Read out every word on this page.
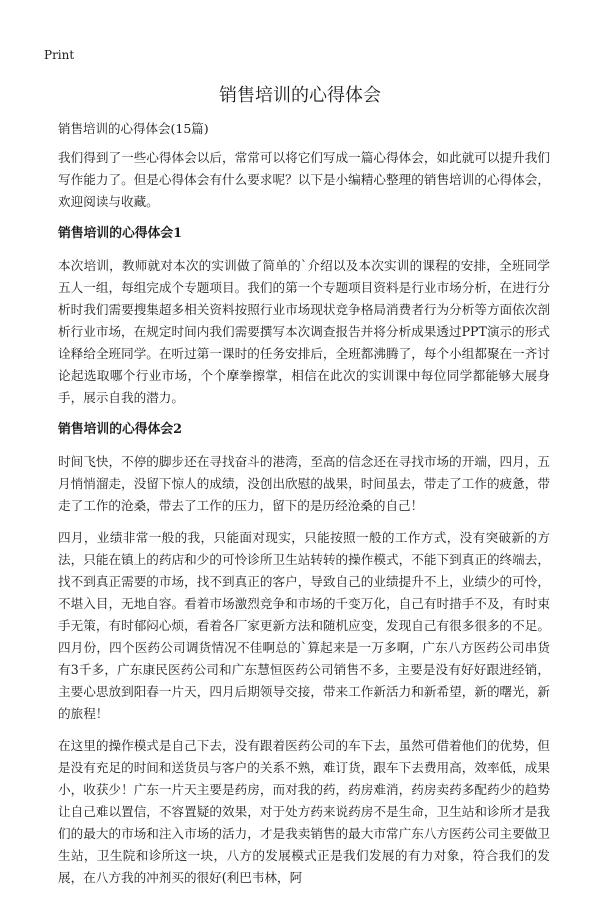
Print
销售培训的心得体会
销售培训的心得体会(15篇)

我们得到了一些心得体会以后，常常可以将它们写成一篇心得体会，如此就可以提升我们写作能力了。但是心得体会有什么要求呢？以下是小编精心整理的销售培训的心得体会，欢迎阅读与收藏。

销售培训的心得体会1

本次培训，教师就对本次的实训做了简单的`介绍以及本次实训的课程的安排，全班同学五人一组，每组完成个专题项目。我们的第一个专题项目资料是行业市场分析，在进行分析时我们需要搜集超多相关资料按照行业市场现状竞争格局消费者行为分析等方面依次剖析行业市场，在规定时间内我们需要撰写本次调查报告并将分析成果透过PPT演示的形式诠释给全班同学。在听过第一课时的任务安排后，全班都沸腾了，每个小组都聚在一齐讨论起选取哪个行业市场，个个摩拳擦掌，相信在此次的实训课中每位同学都能够大展身手，展示自我的潜力。

销售培训的心得体会2

时间飞快，不停的脚步还在寻找奋斗的港湾，至高的信念还在寻找市场的开端，四月，五月悄悄溜走，没留下惊人的成绩，没创出欣慰的战果，时间虽去，带走了工作的疲惫，带走了工作的沧桑，带去了工作的压力，留下的是历经沧桑的自己！

四月，业绩非常一般的我，只能面对现实，只能按照一般的工作方式，没有突破新的方法，只能在镇上的药店和少的可怜诊所卫生站转转的操作模式，不能下到真正的终端去，找不到真正需要的市场，找不到真正的客户，导致自己的业绩提升不上，业绩少的可怜，不堪入目，无地自容。看着市场激烈竞争和市场的千变万化，自己有时措手不及，有时束手无策，有时郁闷心烦，看着各厂家更新方法和随机应变，发现自己有很多很多的不足。四月份，四个医药公司调货情况不佳啊总的`算起来是一万多啊，广东八方医药公司串货有3千多，广东康民医药公司和广东慧恒医药公司销售不多，主要是没有好好跟进经销，主要心思放到阳春一片天，四月后期领导交接，带来工作新活力和新希望，新的曙光，新的旅程！

在这里的操作模式是自己下去，没有跟着医药公司的车下去，虽然可借着他们的优势，但是没有充足的时间和送货员与客户的关系不熟，难订货，跟车下去费用高，效率低，成果小，收获少！广东一片天主要是药房，而对我的药，药房难消，药房卖药多配药少的趋势让自己难以置信，不容置疑的效果，对于处方药来说药房不是生命，卫生站和诊所才是我们的最大的市场和注入市场的活力，才是我卖销售的最大市常广东八方医药公司主要做卫生站，卫生院和诊所这一块，八方的发展模式正是我们发展的有力对象，符合我们的发展，在八方我的冲剂买的很好(利巴韦林，阿
